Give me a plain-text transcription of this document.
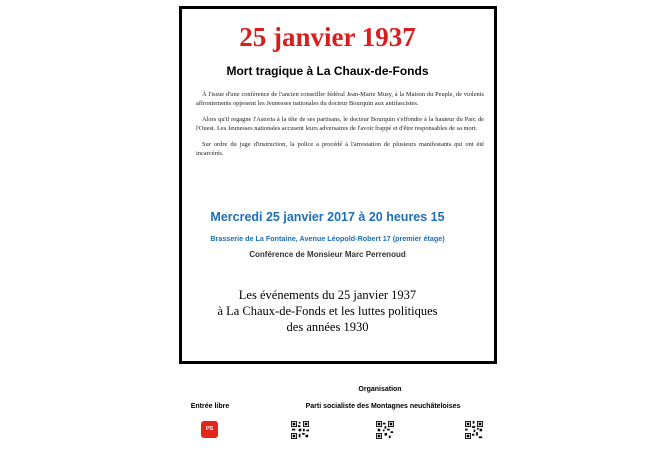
25 janvier 1937
Mort tragique à La Chaux-de-Fonds

À l'issue d'une conférence de l'ancien conseiller fédéral Jean-Marie Musy, à la Maison du Peuple, de violents affrontements opposent les Jeunesses nationales du docteur Bourquin aux antifascistes.

Alors qu'il regagne l'Astoria à la tête de ses partisans, le docteur Bourquin s'effondre à la hauteur du Parc de l'Ouest. Les Jeunesses nationales accusent leurs adversaires de l'avoir frappé et d'être responsables de sa mort.

Sur ordre du juge d'instruction, la police a procédé à l'arrestation de plusieurs manifestants qui ont été incarcérés.

Mercredi 25 janvier 2017 à 20 heures 15
Brasserie de La Fontaine, Avenue Léopold-Robert 17 (premier étage)
Conférence de Monsieur Marc Perrenoud
Les événements du 25 janvier 1937
à La Chaux-de-Fonds et les luttes politiques
des années 1930
Organisation
Entrée libre	Parti socialiste des Montagnes neuchâteloises
PS
